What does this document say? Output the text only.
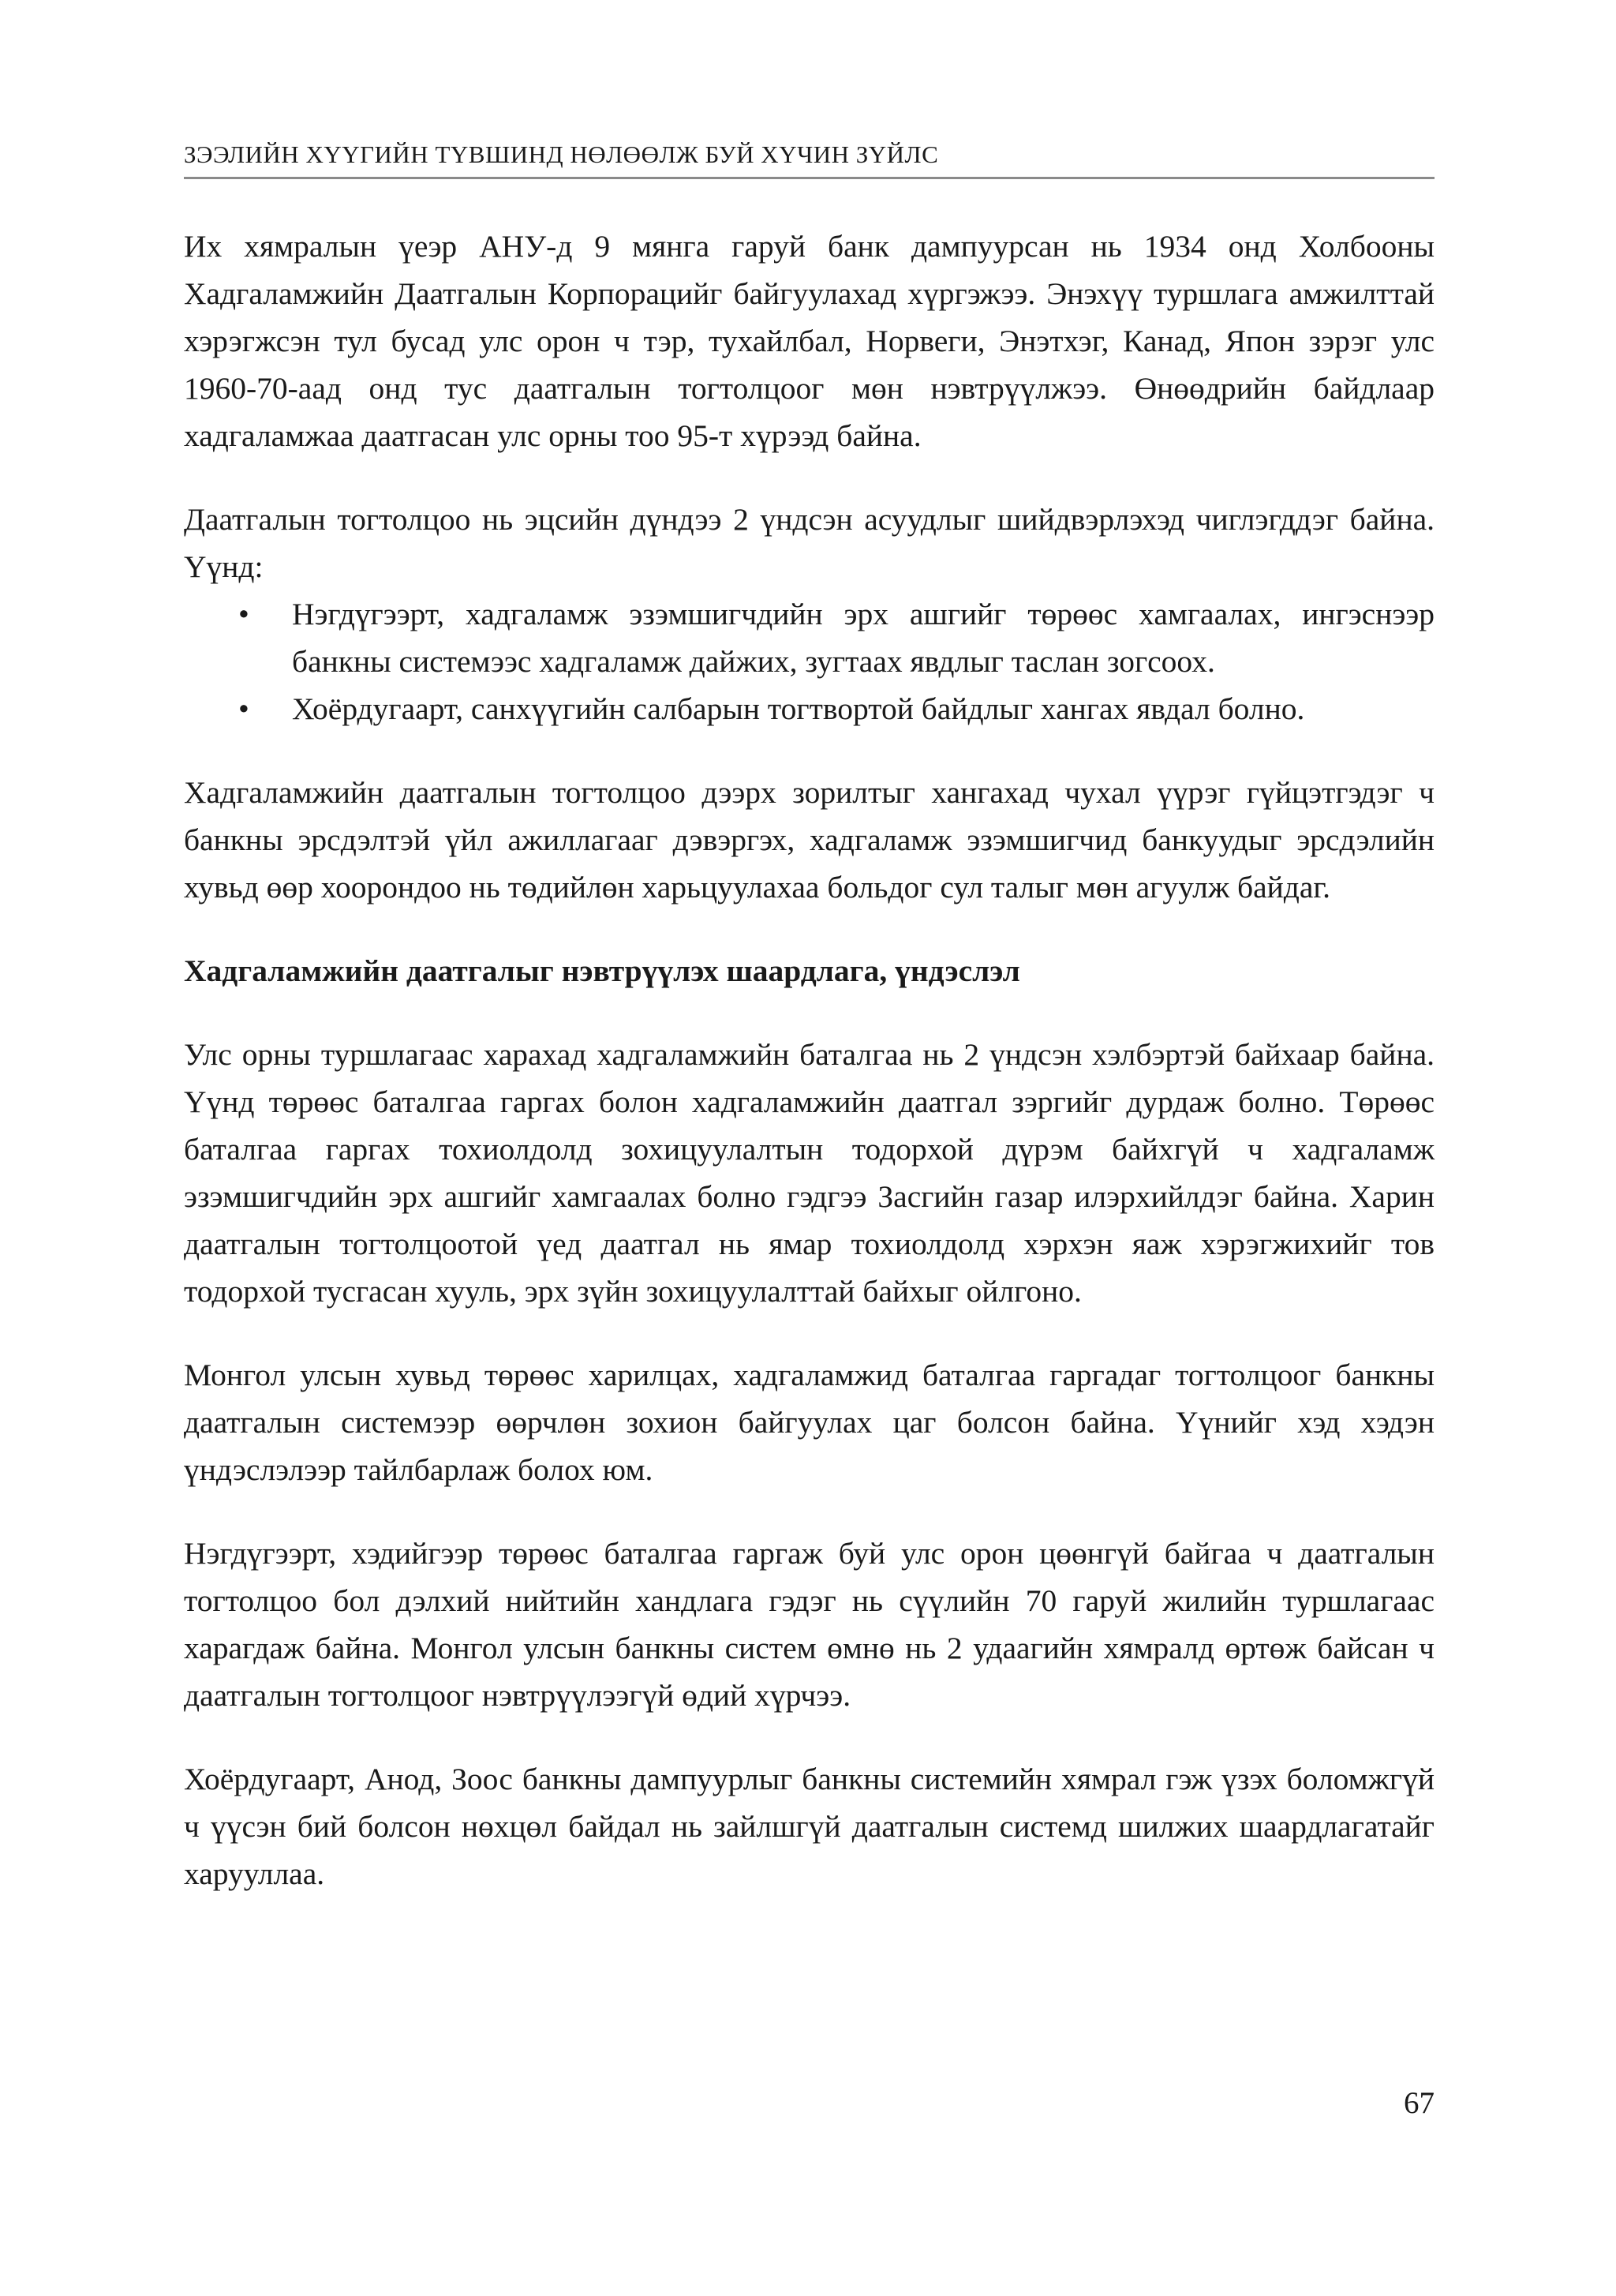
ЗЭЭЛИЙН ХҮҮГИЙН ТҮВШИНД НӨЛӨӨЛЖ БУЙ ХҮЧИН ЗҮЙЛС

Их хямралын үеэр АНУ-д 9 мянга гаруй банк дампуурсан нь 1934 онд Холбооны Хадгаламжийн Даатгалын Корпорацийг байгуулахад хүргэжээ. Энэхүү туршлага амжилттай хэрэгжсэн тул бусад улс орон ч тэр, тухайлбал, Норвеги, Энэтхэг, Канад, Япон зэрэг улс 1960-70-аад онд тус даатгалын тогтолцоог мөн нэвтрүүлжээ. Өнөөдрийн байдлаар хадгаламжаа даатгасан улс орны тоо 95-т хүрээд байна.

Даатгалын тогтолцоо нь эцсийн дүндээ 2 үндсэн асуудлыг шийдвэрлэхэд чиглэгддэг байна. Үүнд:

• Нэгдүгээрт, хадгаламж эзэмшигчдийн эрх ашгийг төрөөс хамгаалах, ингэснээр банкны системээс хадгаламж дайжих, зугтаах явдлыг таслан зогсоох.
• Хоёрдугаарт, санхүүгийн салбарын тогтвортой байдлыг хангах явдал болно.

Хадгаламжийн даатгалын тогтолцоо дээрх зорилтыг хангахад чухал үүрэг гүйцэтгэдэг ч банкны эрсдэлтэй үйл ажиллагааг дэвэргэх, хадгаламж эзэмшигчид банкуудыг эрсдэлийн хувьд өөр хоорондоо нь төдийлөн харьцуулахаа больдог сул талыг мөн агуулж байдаг.

Хадгаламжийн даатгалыг нэвтрүүлэх шаардлага, үндэслэл

Улс орны туршлагаас харахад хадгаламжийн баталгаа нь 2 үндсэн хэлбэртэй байхаар байна. Үүнд төрөөс баталгаа гаргах болон хадгаламжийн даатгал зэргийг дурдаж болно. Төрөөс баталгаа гаргах тохиолдолд зохицуулалтын тодорхой дүрэм байхгүй ч хадгаламж эзэмшигчдийн эрх ашгийг хамгаалах болно гэдгээ Засгийн газар илэрхийлдэг байна. Харин даатгалын тогтолцоотой үед даатгал нь ямар тохиолдолд хэрхэн яаж хэрэгжихийг тов тодорхой тусгасан хууль, эрх зүйн зохицуулалттай байхыг ойлгоно.

Монгол улсын хувьд төрөөс харилцах, хадгаламжид баталгаа гаргадаг тогтолцоог банкны даатгалын системээр өөрчлөн зохион байгуулах цаг болсон байна. Үүнийг хэд хэдэн үндэслэлээр тайлбарлаж болох юм.

Нэгдүгээрт, хэдийгээр төрөөс баталгаа гаргаж буй улс орон цөөнгүй байгаа ч даатгалын тогтолцоо бол дэлхий нийтийн хандлага гэдэг нь сүүлийн 70 гаруй жилийн туршлагаас харагдаж байна. Монгол улсын банкны систем өмнө нь 2 удаагийн хямралд өртөж байсан ч даатгалын тогтолцоог нэвтрүүлээгүй өдий хүрчээ.

Хоёрдугаарт, Анод, Зоос банкны дампуурлыг банкны системийн хямрал гэж үзэх боломжгүй ч үүсэн бий болсон нөхцөл байдал нь зайлшгүй даатгалын системд шилжих шаардлагатайг харууллаа.

67
